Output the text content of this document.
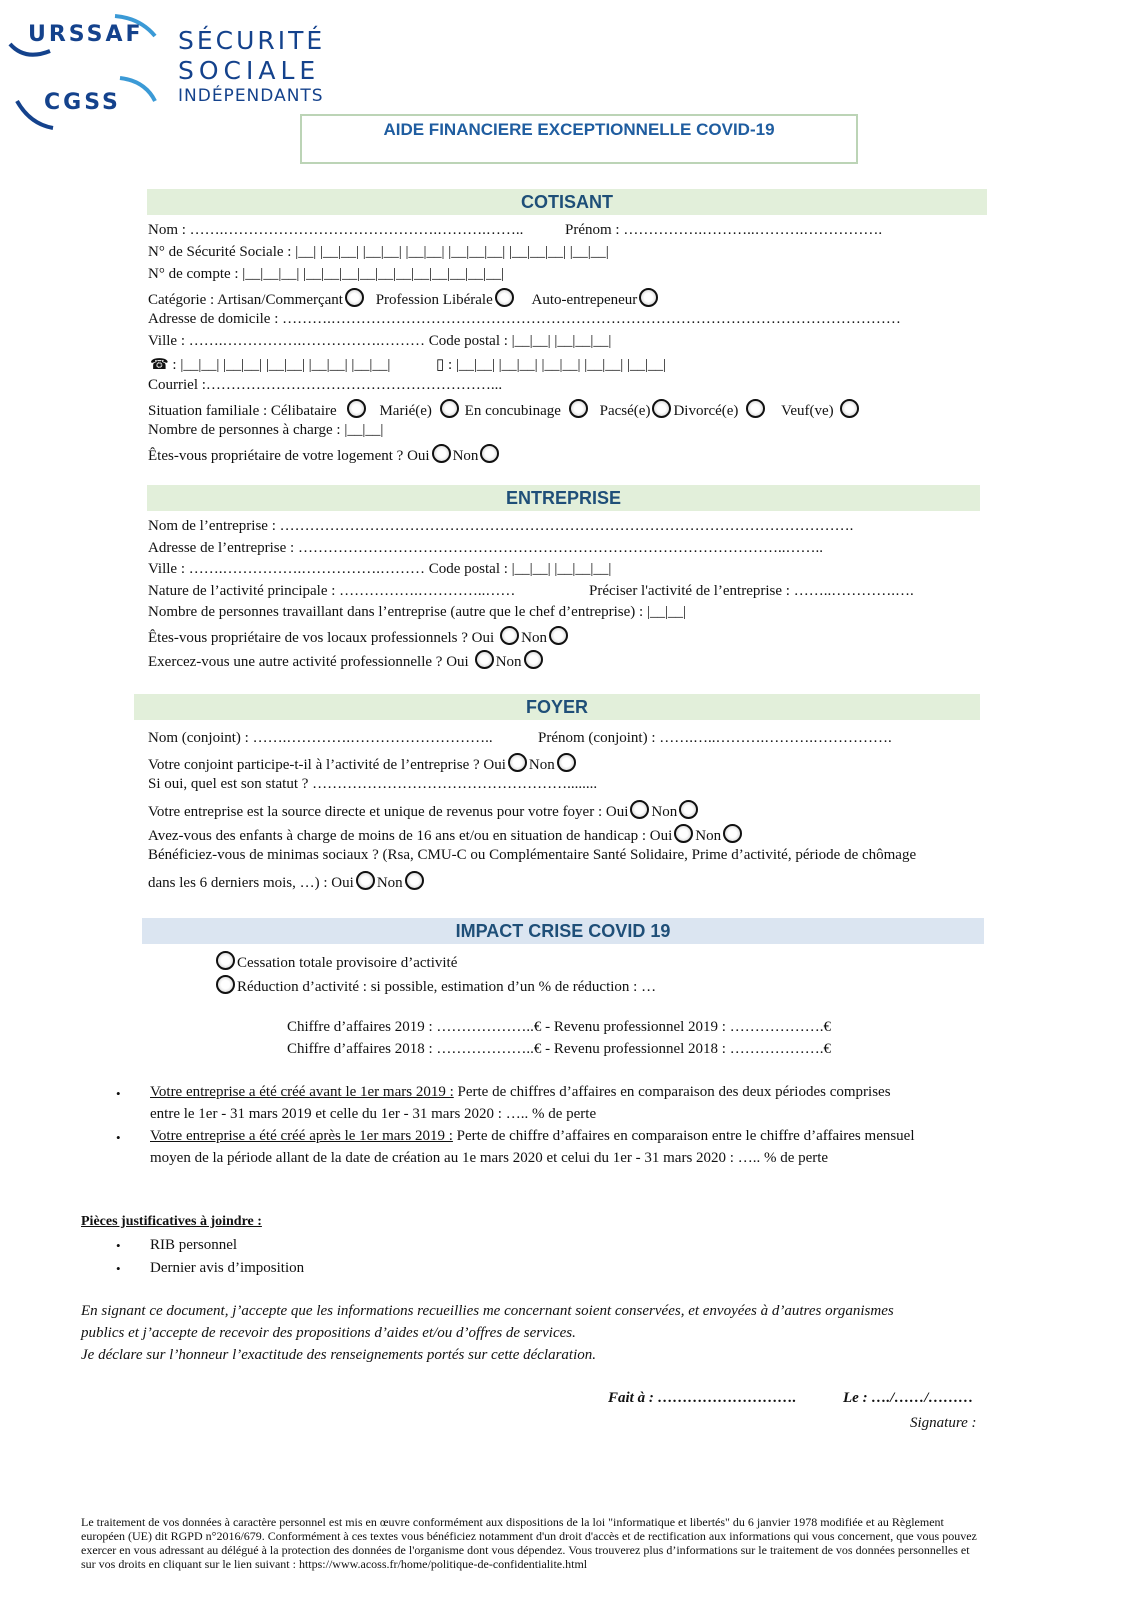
URSSAF
CGSS
SÉCURITÉ
SOCIALE
INDÉPENDANTS
AIDE FINANCIERE EXCEPTIONNELLE COVID-19
COTISANT
Nom : …….…………………………………….……….……..	Prénom : …………….………..……….…………….
N° de Sécurité Sociale : |__| |__|__| |__|__| |__|__| |__|__|__| |__|__|__| |__|__|
N° de compte : |__|__|__| |__|__|__|__|__|__|__|__|__|__|__|
Catégorie : Artisan/Commerçant Profession Libérale	Auto-entrepeneur
Adresse de domicile : ……….……………………………………………………………………………………………………
Ville : …….…………….…………….……… Code postal : |__|__| |__|__|__|
☎ : |__|__| |__|__| |__|__| |__|__| |__|__|	▯ : |__|__| |__|__| |__|__| |__|__| |__|__|
Courriel :…………………………………………………...
Situation familiale : Célibataire	Marié(e) En concubinage	Pacsé(e) Divorcé(e)	Veuf(ve)
Nombre de personnes à charge : |__|__|
Êtes-vous propriétaire de votre logement ? Oui Non
ENTREPRISE
Nom de l’entreprise : …………………………………………………………………………………………………….
Adresse de l’entreprise : ……………………………………………………………………………………..……..
Ville : …….…………….…………….……… Code postal : |__|__| |__|__|__|
Nature de l’activité principale : …………….…………..……	Préciser l'activité de l’entreprise : ……..………….….
Nombre de personnes travaillant dans l’entreprise (autre que le chef d’entreprise) : |__|__|
Êtes-vous propriétaire de vos locaux professionnels ? Oui Non
Exercez-vous une autre activité professionnelle ? Oui Non
FOYER
Nom (conjoint) : …….………….………………………..	Prénom (conjoint) : …….…..……….……….…………….
Votre conjoint participe-t-il à l’activité de l’entreprise ? Oui Non
Si oui, quel est son statut ? ……………………………………………........
Votre entreprise est la source directe et unique de revenus pour votre foyer : Oui Non
Avez-vous des enfants à charge de moins de 16 ans et/ou en situation de handicap : Oui Non
Bénéficiez-vous de minimas sociaux ? (Rsa, CMU-C ou Complémentaire Santé Solidaire, Prime d’activité, période de chômage
dans les 6 derniers mois, …) : Oui Non
IMPACT CRISE COVID 19
Cessation totale provisoire d’activité
Réduction d’activité : si possible, estimation d’un % de réduction : …
Chiffre d’affaires 2019 : ………………..€ - Revenu professionnel 2019 : ……………….€
Chiffre d’affaires 2018 : ………………..€ - Revenu professionnel 2018 : ……………….€
• Votre entreprise a été créé avant le 1er mars 2019 : Perte de chiffres d’affaires en comparaison des deux périodes comprises
entre le 1er - 31 mars 2019 et celle du 1er - 31 mars 2020 : ….. % de perte
• Votre entreprise a été créé après le 1er mars 2019 : Perte de chiffre d’affaires en comparaison entre le chiffre d’affaires mensuel
moyen de la période allant de la date de création au 1e mars 2020 et celui du 1er - 31 mars 2020 : ….. % de perte
Pièces justificatives à joindre :
• RIB personnel
• Dernier avis d’imposition
En signant ce document, j’accepte que les informations recueillies me concernant soient conservées, et envoyées à d’autres organismes
publics et j’accepte de recevoir des propositions d’aides et/ou d’offres de services.
Je déclare sur l’honneur l’exactitude des renseignements portés sur cette déclaration.
Fait à : ……………………….	Le : …./……/………
Signature :
Le traitement de vos données à caractère personnel est mis en œuvre conformément aux dispositions de la loi "informatique et libertés" du 6 janvier 1978 modifiée et au Règlement européen (UE) dit RGPD n°2016/679. Conformément à ces textes vous bénéficiez notamment d'un droit d'accès et de rectification aux informations qui vous concernent, que vous pouvez exercer en vous adressant au délégué à la protection des données de l'organisme dont vous dépendez. Vous trouverez plus d’informations sur le traitement de vos données personnelles et sur vos droits en cliquant sur le lien suivant : https://www.acoss.fr/home/politique-de-confidentialite.html
